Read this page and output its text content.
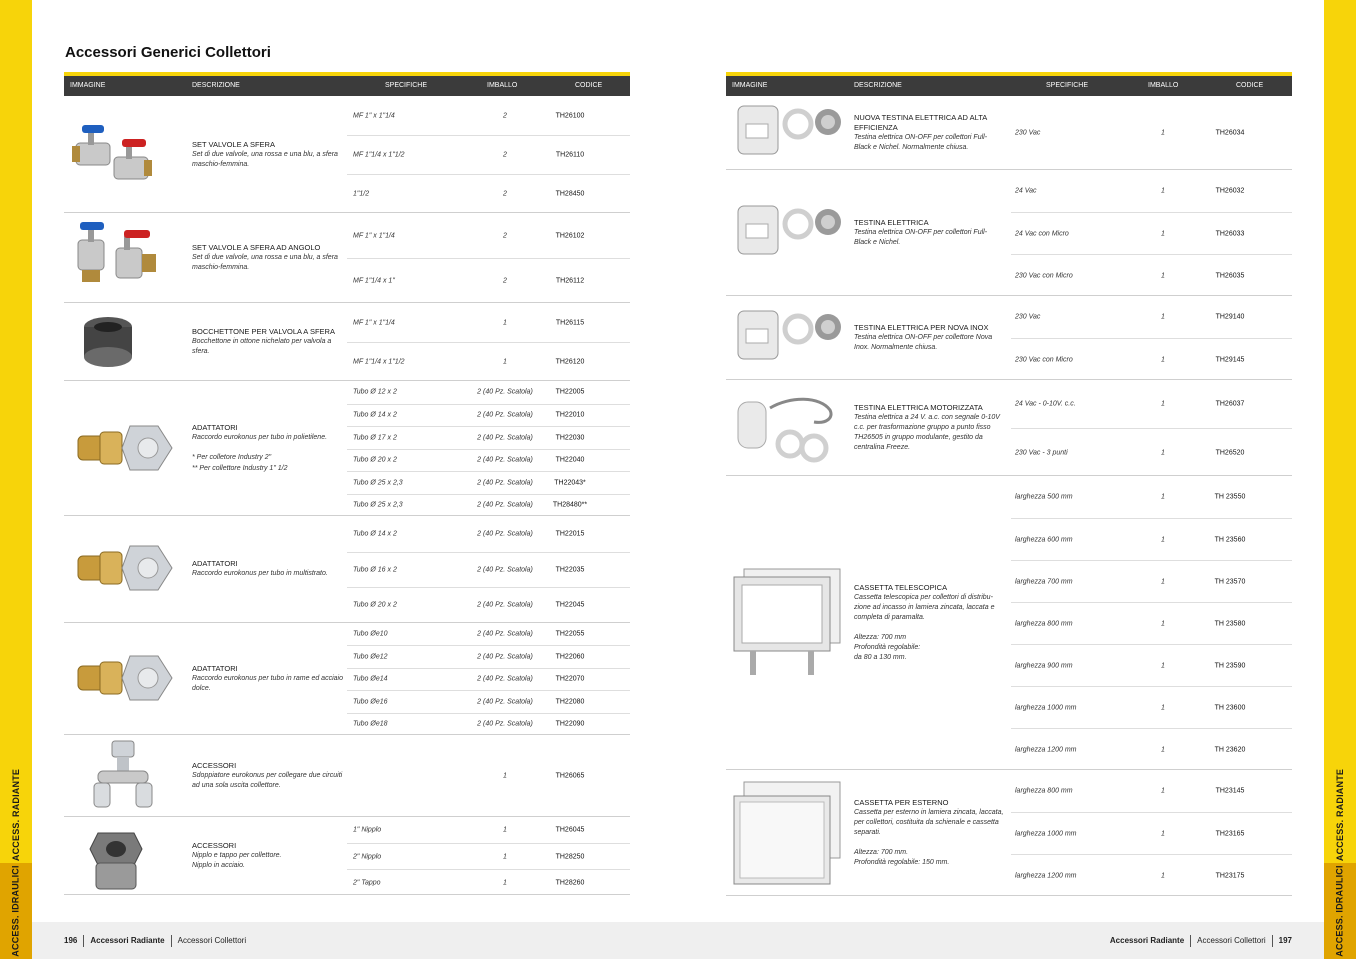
ACCESS. RADIANTE
ACCESS. IDRAULICI
ACCESS. RADIANTE
ACCESS. IDRAULICI
Accessori Generici Collettori
IMMAGINE	DESCRIZIONE	SPECIFICHE	IMBALLO	CODICE
SET VALVOLE A SFERA
Set di due valvole, una rossa e una blu, a sfera maschio-femmina.
MF 1" x 1"1/4	2	TH26100
MF 1"1/4 x 1"1/2	2	TH26110
1"1/2	2	TH28450
SET VALVOLE A SFERA AD ANGOLO
Set di due valvole, una rossa e una blu, a sfera maschio-femmina.
MF 1" x 1"1/4	2	TH26102
MF 1"1/4 x 1"	2	TH26112
BOCCHETTONE PER VALVOLA A SFERA
Bocchettone in ottone nichelato per valvola a sfera.
MF 1" x 1"1/4	1	TH26115
MF 1"1/4 x 1"1/2	1	TH26120
ADATTATORI
Raccordo eurokonus per tubo in polietilene.

* Per colletore Industry 2"
** Per collettore Industry 1" 1/2
Tubo Ø 12 x 2	2 (40 Pz. Scatola)	TH22005
Tubo Ø 14 x 2	2 (40 Pz. Scatola)	TH22010
Tubo Ø 17 x 2	2 (40 Pz. Scatola)	TH22030
Tubo Ø 20 x 2	2 (40 Pz. Scatola)	TH22040
Tubo Ø 25 x 2,3	2 (40 Pz. Scatola)	TH22043*
Tubo Ø 25 x 2,3	2 (40 Pz. Scatola)	TH28480**
ADATTATORI
Raccordo eurokonus per tubo in multistrato.
Tubo Ø 14 x 2	2 (40 Pz. Scatola)	TH22015
Tubo Ø 16 x 2	2 (40 Pz. Scatola)	TH22035
Tubo Ø 20 x 2	2 (40 Pz. Scatola)	TH22045
ADATTATORI
Raccordo eurokonus per tubo in rame ed acciaio dolce.
Tubo Øe10	2 (40 Pz. Scatola)	TH22055
Tubo Øe12	2 (40 Pz. Scatola)	TH22060
Tubo Øe14	2 (40 Pz. Scatola)	TH22070
Tubo Øe16	2 (40 Pz. Scatola)	TH22080
Tubo Øe18	2 (40 Pz. Scatola)	TH22090
ACCESSORI
Sdoppiatore eurokonus per collegare due circuiti ad una sola uscita collettore.
1	TH26065
ACCESSORI
Nipplo e tappo per collettore.
Nipplo in acciaio.
1" Nipplo	1	TH26045
2" Nipplo	1	TH28250
2" Tappo	1	TH28260
IMMAGINE	DESCRIZIONE	SPECIFICHE	IMBALLO	CODICE
NUOVA TESTINA ELETTRICA AD ALTA EFFICIENZA
Testina elettrica ON-OFF per collettori Full-Black e Nichel. Normalmente chiusa.
230 Vac	1	TH26034
TESTINA ELETTRICA
Testina elettrica ON-OFF per collettori Full-Black e Nichel.
24 Vac	1	TH26032
24 Vac con Micro	1	TH26033
230 Vac con Micro	1	TH26035
TESTINA ELETTRICA PER NOVA INOX
Testina elettrica ON-OFF per collettore Nova Inox. Normalmente chiusa.
230 Vac	1	TH29140
230 Vac con Micro	1	TH29145
TESTINA ELETTRICA MOTORIZZATA
Testina elettrica a 24 V. a.c. con segnale 0-10V c.c. per trasformazione gruppo a punto fisso TH26505 in gruppo modulante, gestito da centralina Freeze.
24 Vac - 0-10V. c.c.	1	TH26037
230 Vac - 3 punti	1	TH26520
CASSETTA TELESCOPICA
Cassetta telescopica per collettori di distribu-zione ad incasso in lamiera zincata, laccata e completa di paramalta.

Altezza: 700 mm
Profondità regolabile:
da 80 a 130 mm.
larghezza 500 mm	1	TH 23550
larghezza 600 mm	1	TH 23560
larghezza 700 mm	1	TH 23570
larghezza 800 mm	1	TH 23580
larghezza 900 mm	1	TH 23590
larghezza 1000 mm	1	TH 23600
larghezza 1200 mm	1	TH 23620
CASSETTA PER ESTERNO
Cassetta per esterno in lamiera zincata, laccata, per collettori, costituita da schienale e cassetta separati.

Altezza: 700 mm.
Profondità regolabile: 150 mm.
larghezza 800 mm	1	TH23145
larghezza 1000 mm	1	TH23165
larghezza 1200 mm	1	TH23175
196 Accessori Radiante Accessori Collettori	Accessori Radiante Accessori Collettori 197
